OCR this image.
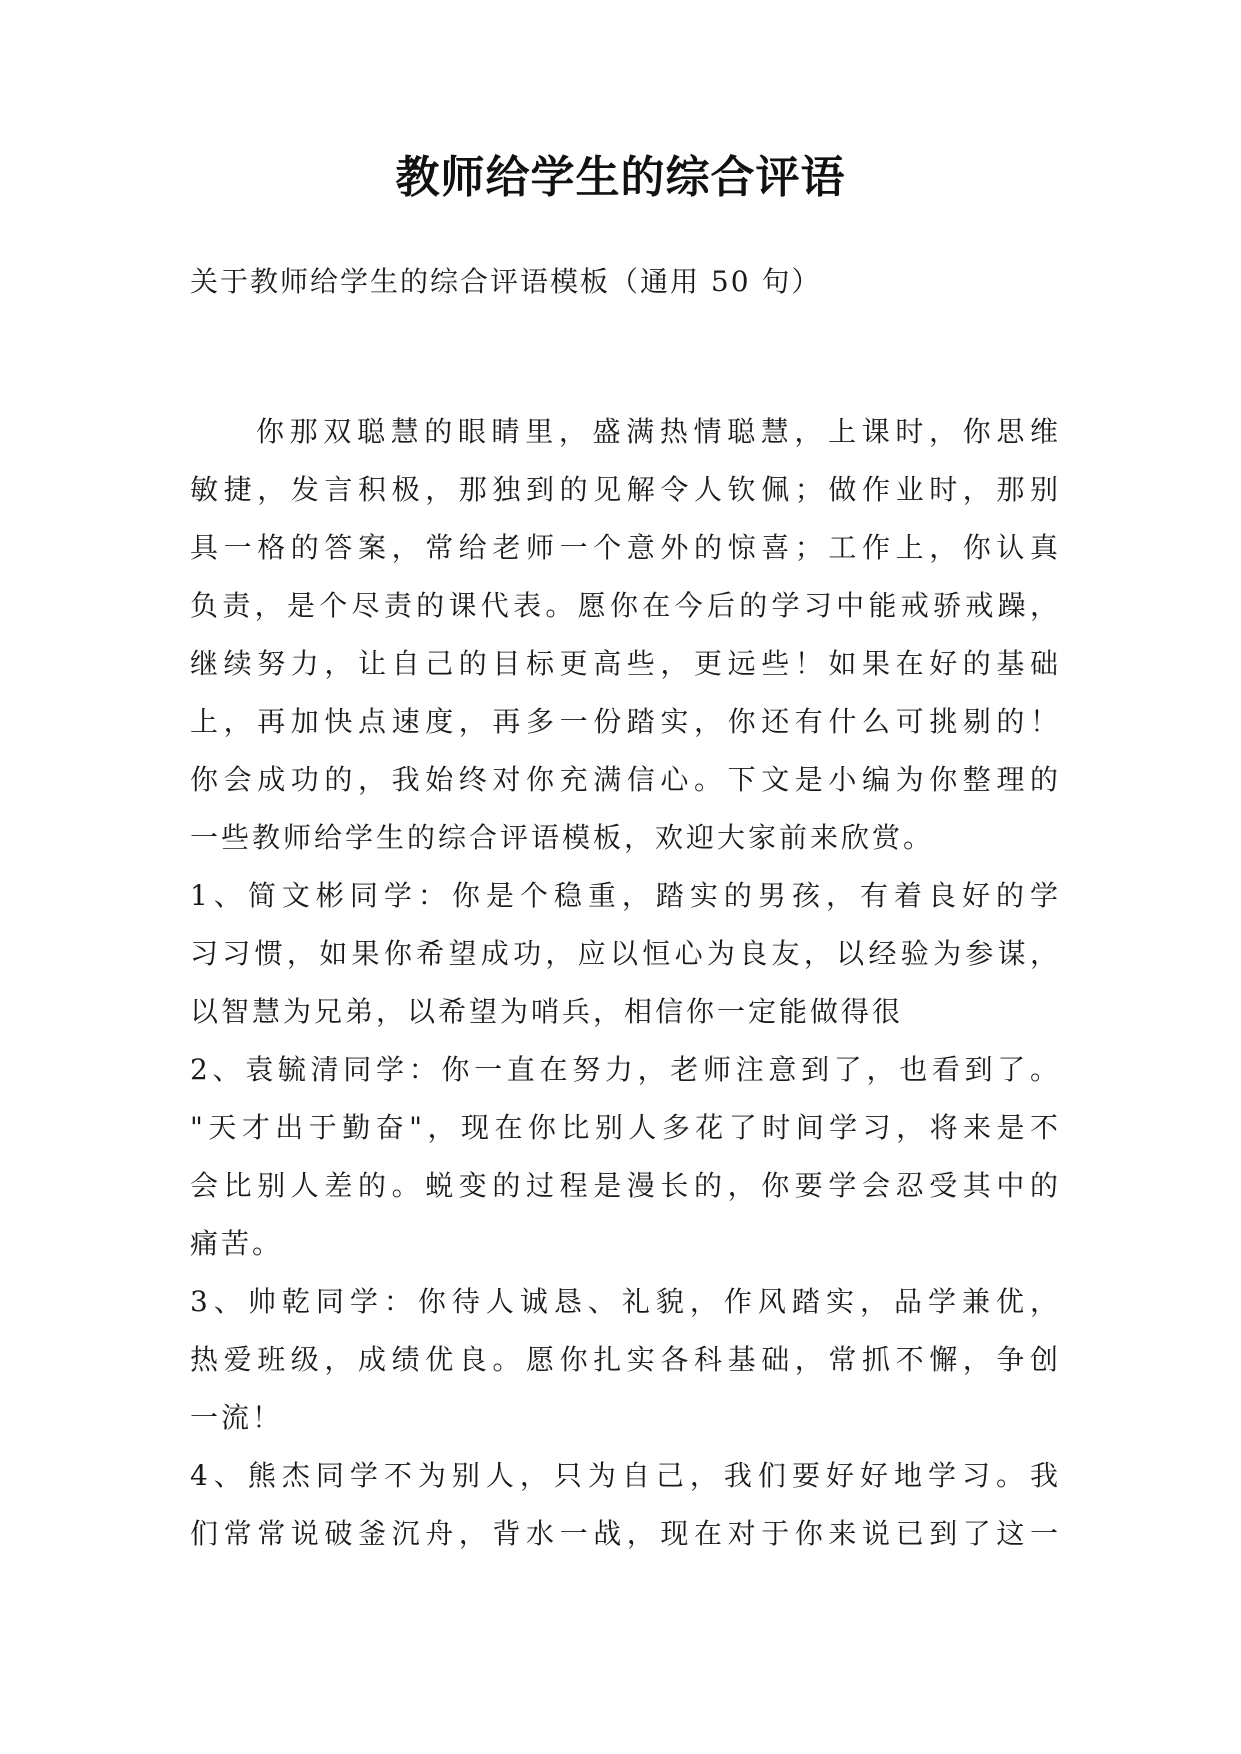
教师给学生的综合评语
关于教师给学生的综合评语模板（通用 50 句）
你那双聪慧的眼睛里，盛满热情聪慧，上课时，你思维
敏捷，发言积极，那独到的见解令人钦佩；做作业时，那别
具一格的答案，常给老师一个意外的惊喜；工作上，你认真
负责，是个尽责的课代表。愿你在今后的学习中能戒骄戒躁，
继续努力，让自己的目标更高些，更远些！如果在好的基础
上，再加快点速度，再多一份踏实，你还有什么可挑剔的！
你会成功的，我始终对你充满信心。下文是小编为你整理的
一些教师给学生的综合评语模板，欢迎大家前来欣赏。
1、简文彬同学：你是个稳重，踏实的男孩，有着良好的学
习习惯，如果你希望成功，应以恒心为良友，以经验为参谋，
以智慧为兄弟，以希望为哨兵，相信你一定能做得很
2、袁毓清同学：你一直在努力，老师注意到了，也看到了。
"天才出于勤奋"，现在你比别人多花了时间学习，将来是不
会比别人差的。蜕变的过程是漫长的，你要学会忍受其中的
痛苦。
3、帅乾同学：你待人诚恳、礼貌，作风踏实，品学兼优，
热爱班级，成绩优良。愿你扎实各科基础，常抓不懈，争创
一流！
4、熊杰同学不为别人，只为自己，我们要好好地学习。我
们常常说破釜沉舟，背水一战，现在对于你来说已到了这一
